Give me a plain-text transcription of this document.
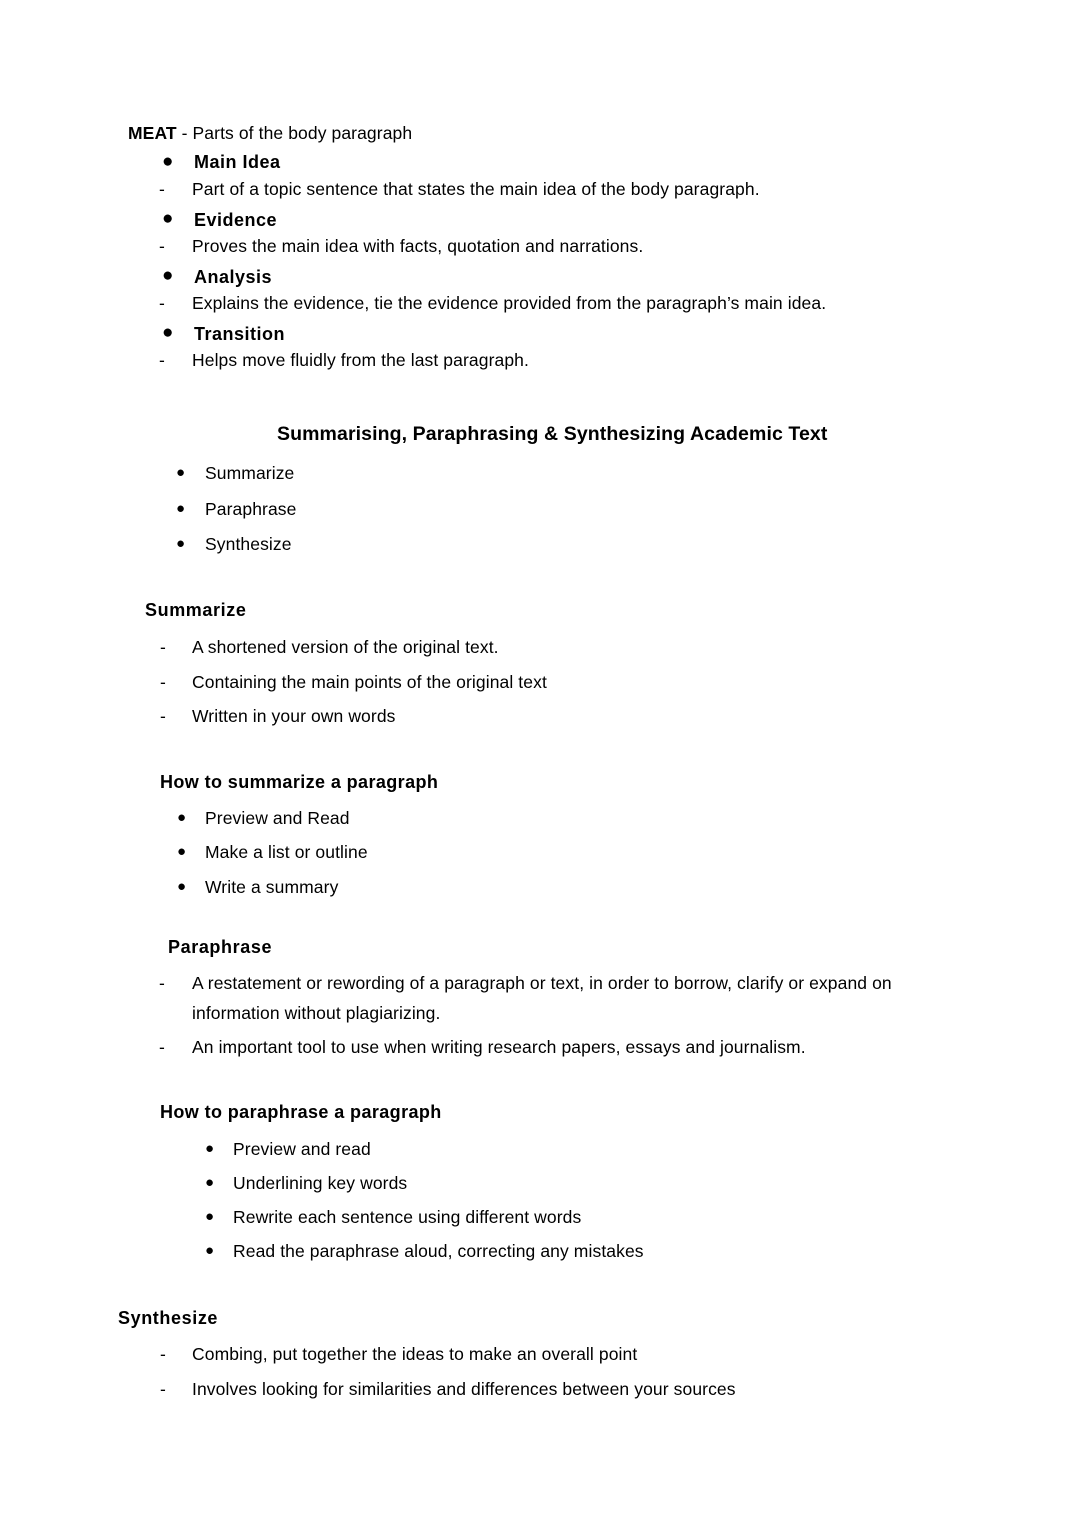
MEAT - Parts of the body paragraph
● Main Idea
- Part of a topic sentence that states the main idea of the body paragraph.
● Evidence
- Proves the main idea with facts, quotation and narrations.
● Analysis
- Explains the evidence, tie the evidence provided from the paragraph’s main idea.
● Transition
- Helps move fluidly from the last paragraph.
Summarising, Paraphrasing & Synthesizing Academic Text
● Summarize
● Paraphrase
● Synthesize
Summarize
- A shortened version of the original text.
- Containing the main points of the original text
- Written in your own words
How to summarize a paragraph
● Preview and Read
● Make a list or outline
● Write a summary
Paraphrase
- A restatement or rewording of a paragraph or text, in order to borrow, clarify or expand on
information without plagiarizing.
- An important tool to use when writing research papers, essays and journalism.
How to paraphrase a paragraph
● Preview and read
● Underlining key words
● Rewrite each sentence using different words
● Read the paraphrase aloud, correcting any mistakes
Synthesize
- Combing, put together the ideas to make an overall point
- Involves looking for similarities and differences between your sources
